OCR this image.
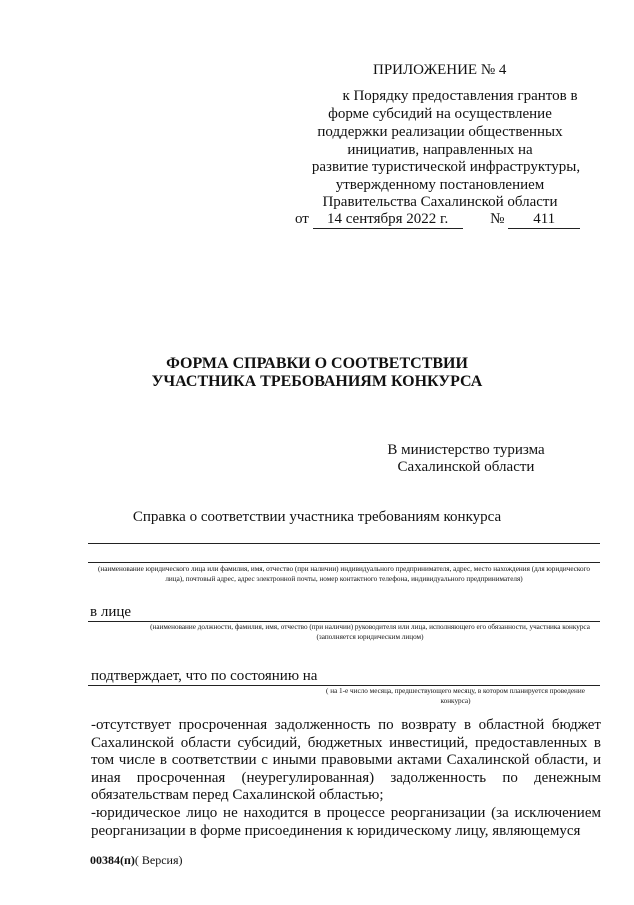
ПРИЛОЖЕНИЕ № 4
к Порядку предоставления грантов в
форме субсидий на осуществление
поддержки реализации общественных
инициатив, направленных на
развитие туристической инфраструктуры,
утвержденному постановлением
Правительства Сахалинской области
от 14 сентября 2022 г.	№ 411
ФОРМА СПРАВКИ О СООТВЕТСТВИИ
УЧАСТНИКА ТРЕБОВАНИЯМ КОНКУРСА
В министерство туризма
Сахалинской области
Справка о соответствии участника требованиям конкурса
(наименование юридического лица или фамилия, имя, отчество (при наличии) индивидуального предпринимателя, адрес, место нахождения (для юридического лица), почтовый адрес, адрес электронной почты, номер контактного телефона, индивидуального предпринимателя)
в лице
(наименование должности, фамилия, имя, отчество (при наличии) руководителя или лица, исполняющего его обязанности, участника конкурса (заполняется юридическим лицом)
подтверждает, что по состоянию на
( на 1-е число месяца, предшествующего месяцу, в котором планируется проведение конкурса)

-отсутствует просроченная задолженность по возврату в областной бюджет Сахалинской области субсидий, бюджетных инвестиций, предоставленных в том числе в соответствии с иными правовыми актами Сахалинской области, и иная просроченная (неурегулированная) задолженность по денежным обязательствам перед Сахалинской областью;

-юридическое лицо не находится в процессе реорганизации (за исключением реорганизации в форме присоединения к юридическому лицу, являющемуся

00384(п)( Версия)
